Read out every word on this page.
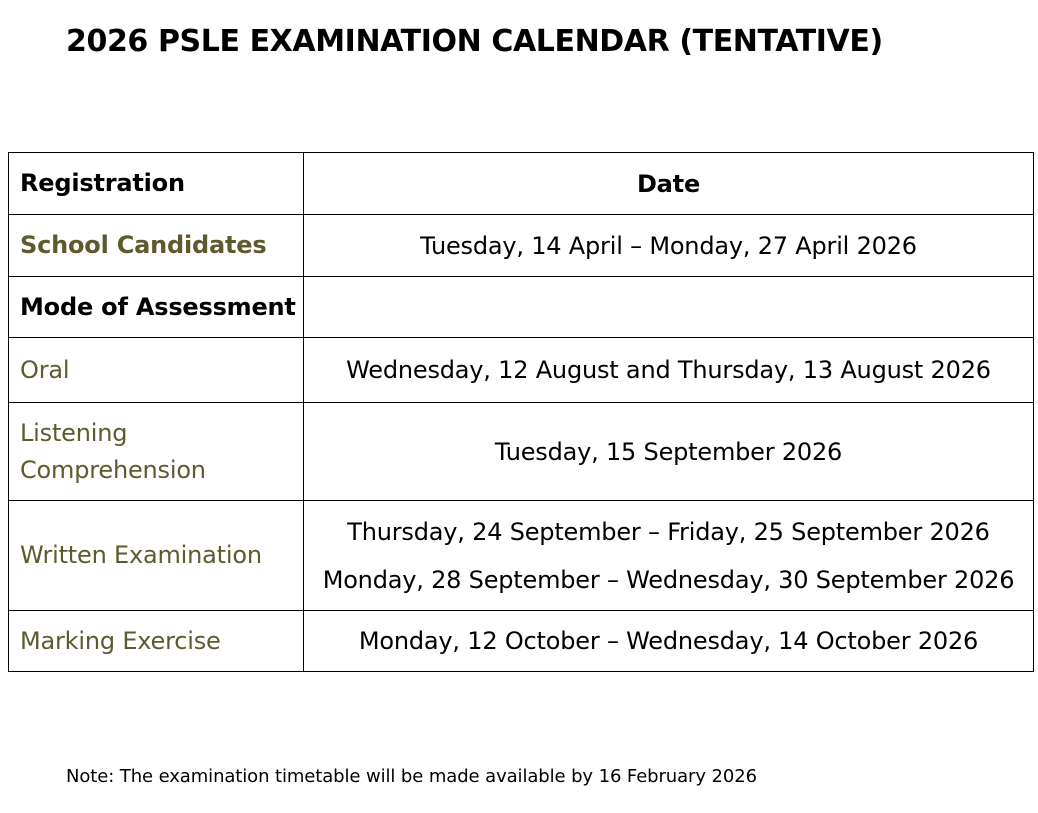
2026 PSLE EXAMINATION CALENDAR (TENTATIVE)
Registration	Date
School Candidates	Tuesday, 14 April – Monday, 27 April 2026

Mode of Assessment	
Oral	Wednesday, 12 August and Thursday, 13 August 2026

Listening
Comprehension	Tuesday, 15 September 2026

Written Examination	Thursday, 24 September – Friday, 25 September 2026
Monday, 28 September – Wednesday, 30 September 2026

Marking Exercise	Monday, 12 October – Wednesday, 14 October 2026
Note: The examination timetable will be made available by 16 February 2026
